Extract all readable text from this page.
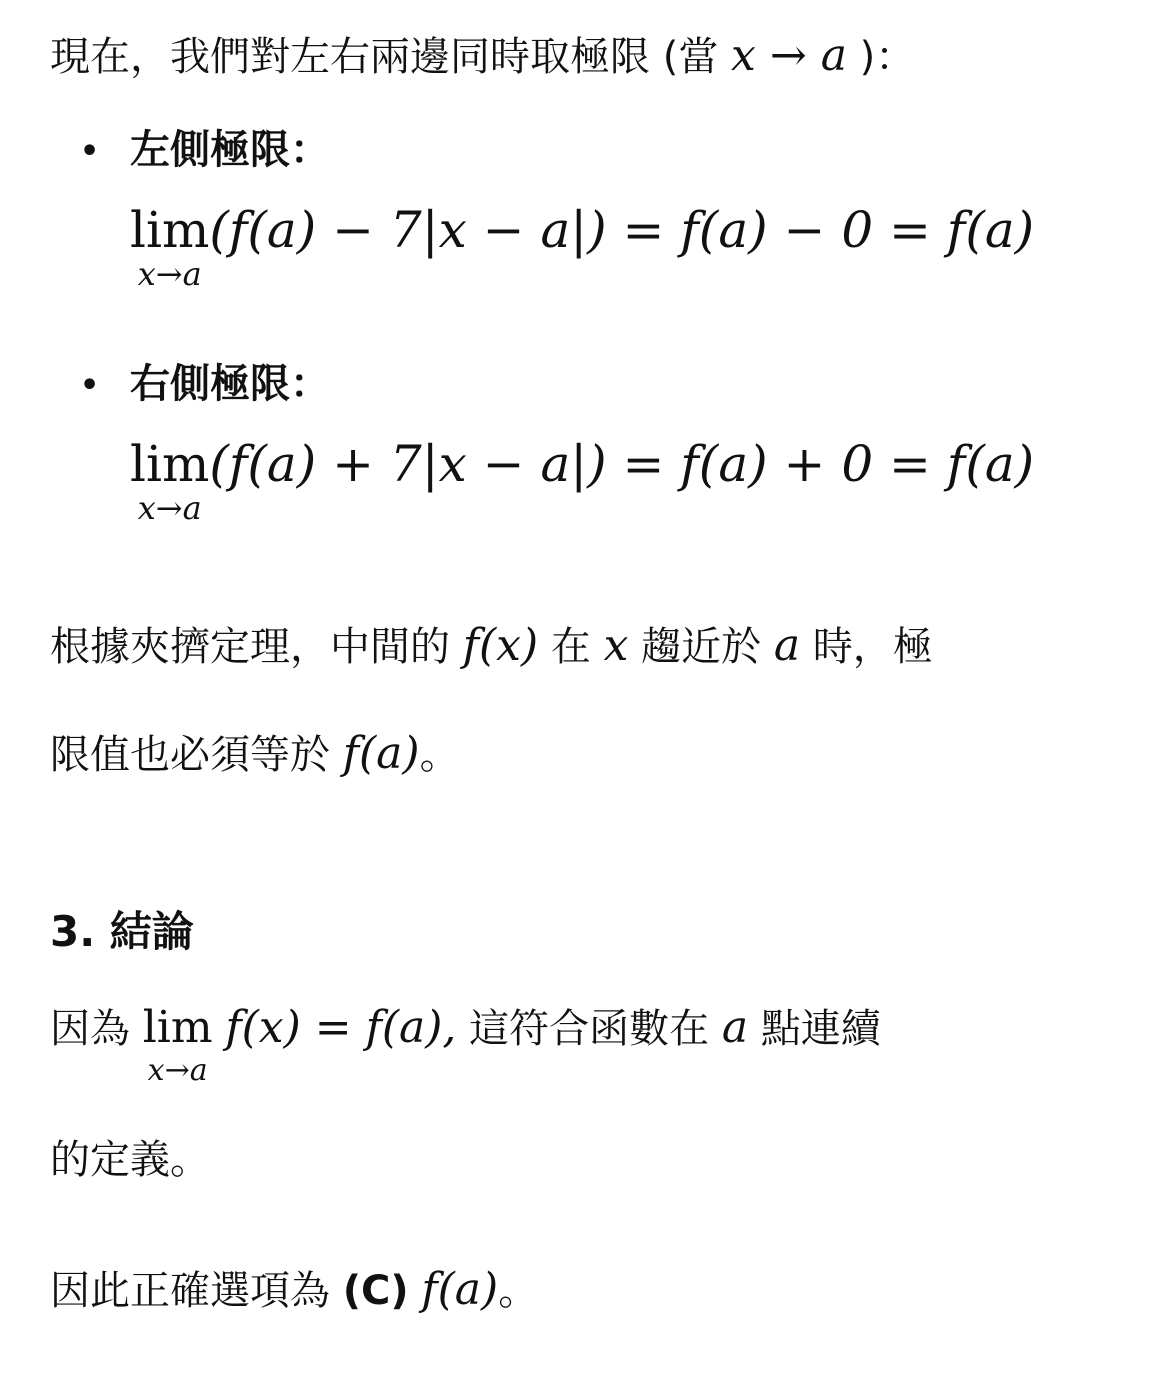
現在，我們對左右兩邊同時取極限 (當 x → a )：
• 左側極限：
lim
x→a
(f(a) − 7|x − a|) = f(a) − 0 = f(a)
• 右側極限：
lim
x→a
(f(a) + 7|x − a|) = f(a) + 0 = f(a)
根據夾擠定理，中間的 f(x) 在 x 趨近於 a 時，極
限值也必須等於 f(a)。
3. 結論
因為 lim
x→a
f(x) = f(a), 這符合函數在 a 點連續
的定義。
因此正確選項為 (C) f(a)。
